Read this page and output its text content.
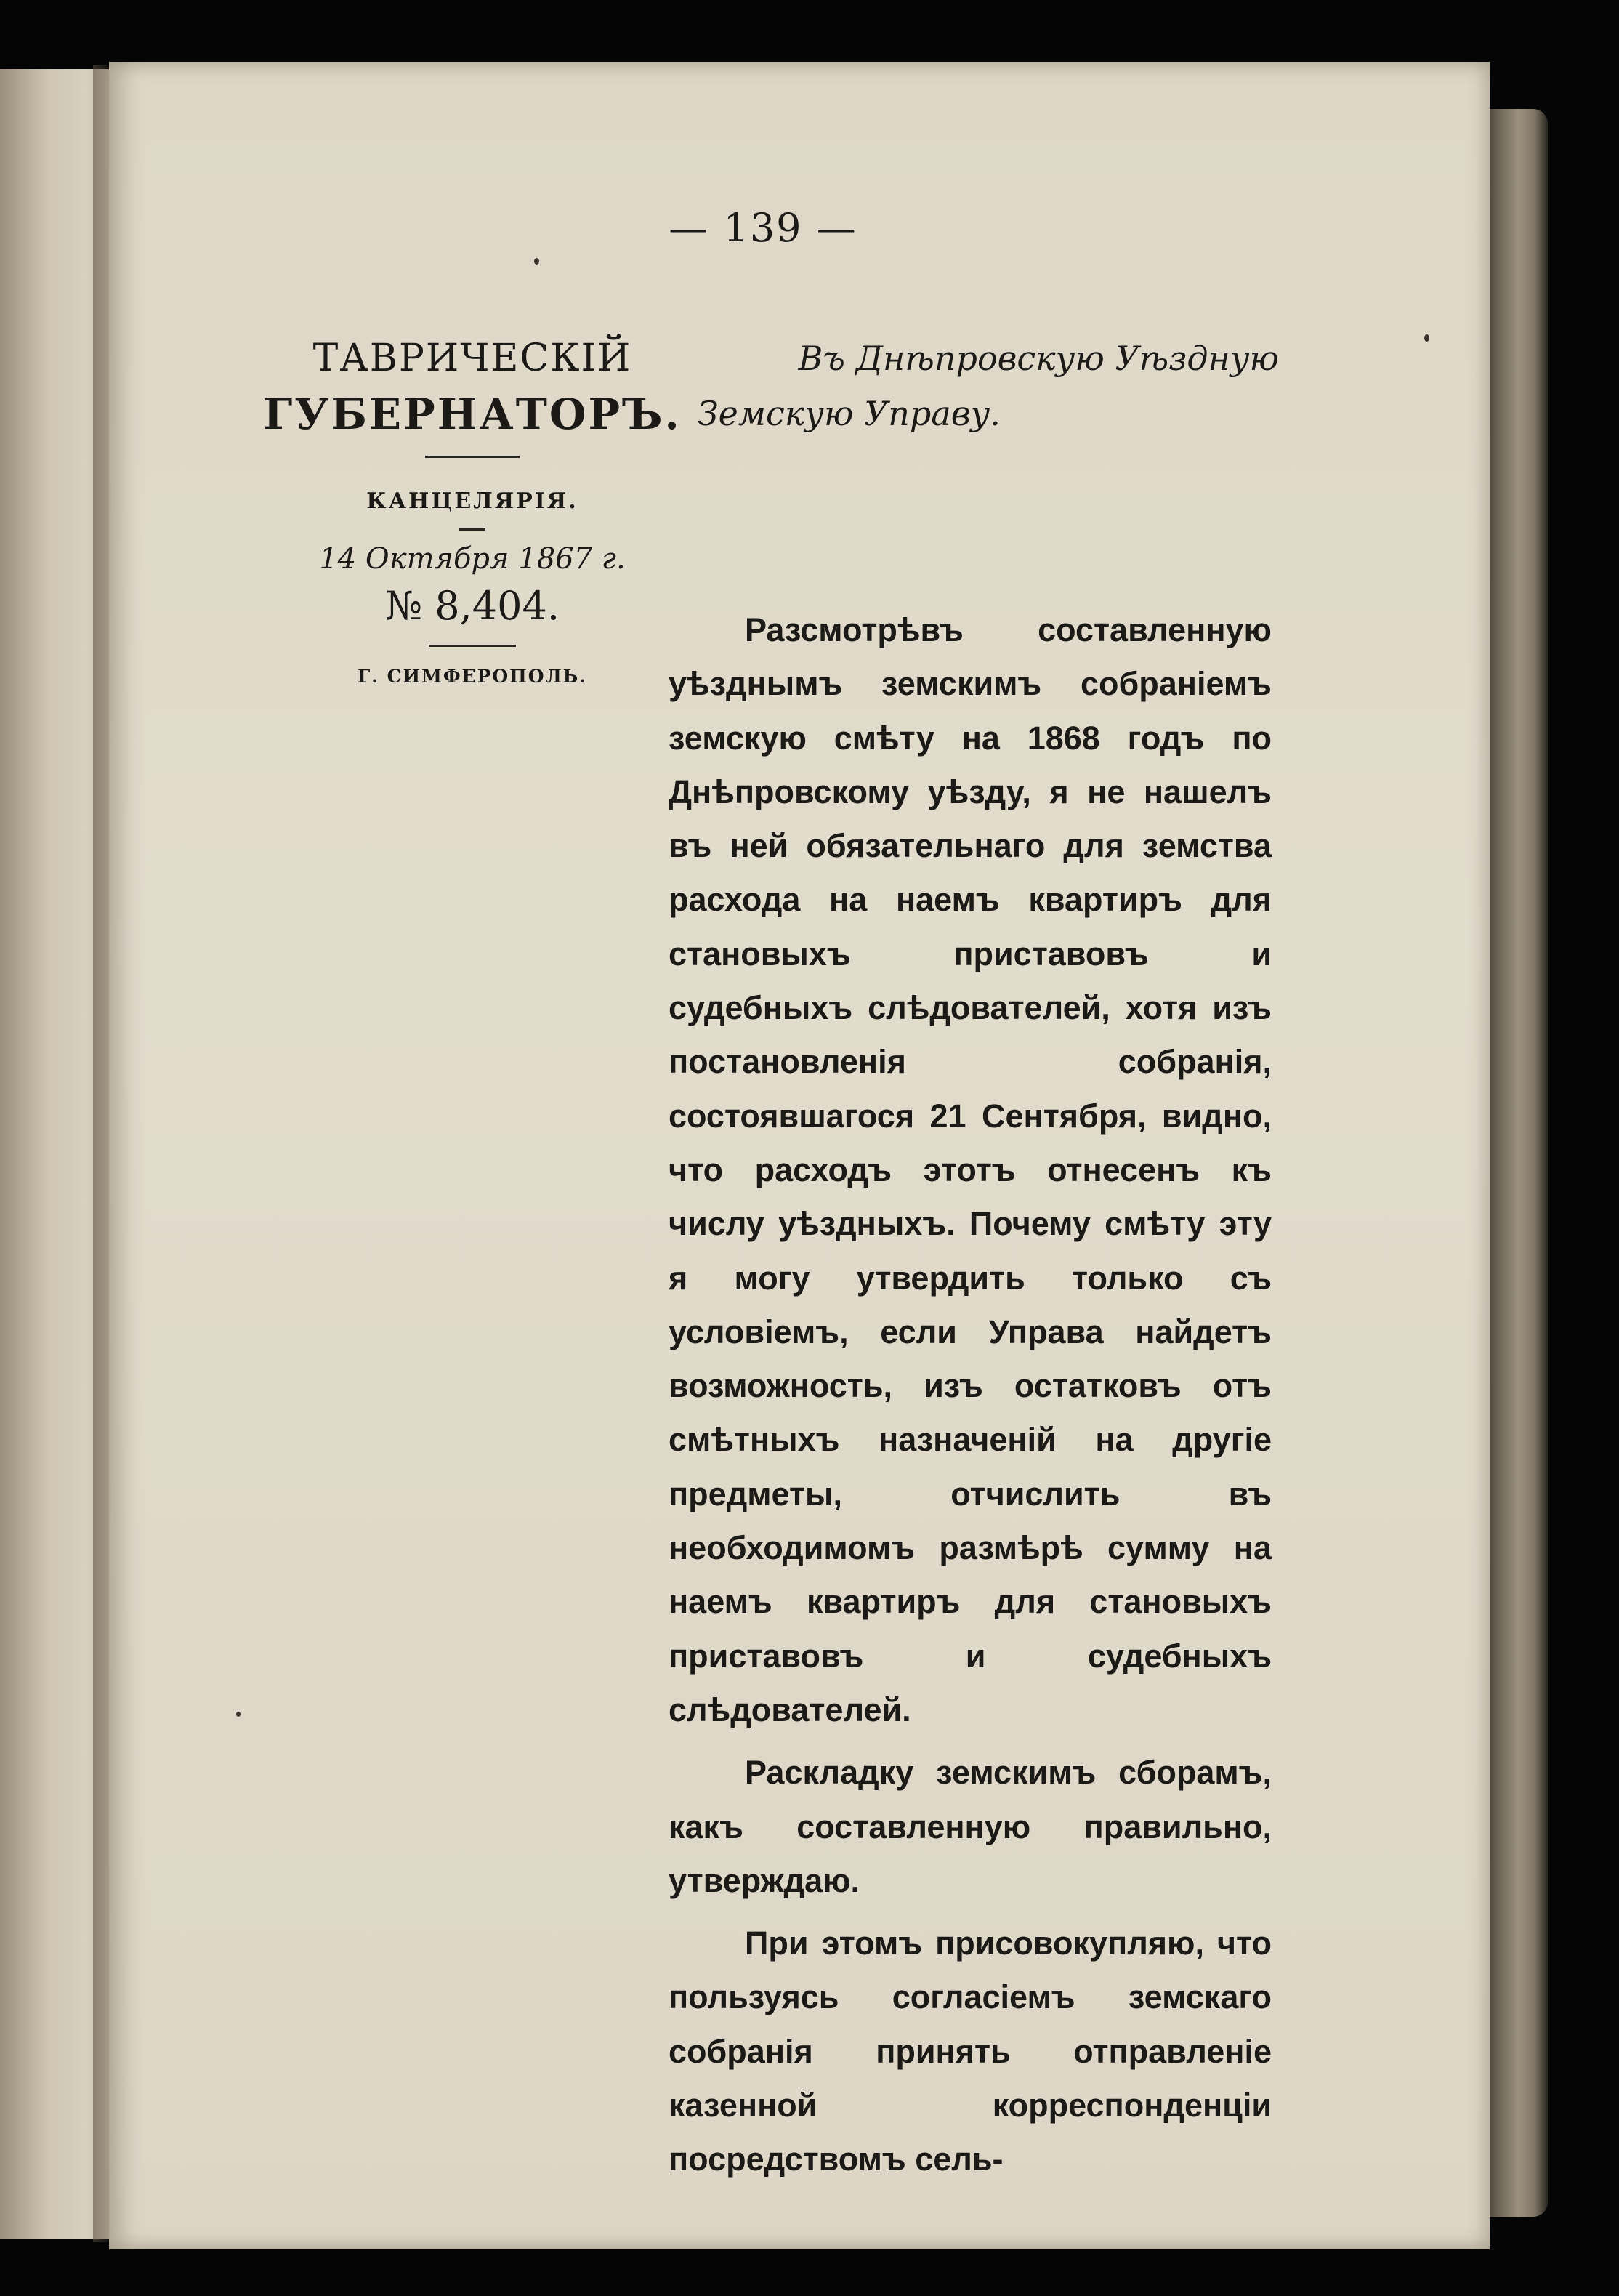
— 139 —
ТАВРИЧЕСКІЙ
ГУБЕРНАТОРЪ.
КАНЦЕЛЯРІЯ.
14 Октября 1867 г.
№ 8,404.
Г. СИМФЕРОПОЛЬ.
Въ Днѣпровскую Уѣздную
Земскую Управу.

Разсмотрѣвъ составленную уѣзднымъ земскимъ собраніемъ земскую смѣту на 1868 годъ по Днѣпровскому уѣзду, я не нашелъ въ ней обязательнаго для земства расхода на наемъ квартиръ для становыхъ приставовъ и судебныхъ слѣдователей, хотя изъ постановленія собранія, состоявшагося 21 Сентября, видно, что расходъ этотъ отнесенъ къ числу уѣздныхъ. Почему смѣту эту я могу утвердить только съ условіемъ, если Управа найдетъ возможность, изъ остатковъ отъ смѣтныхъ назначеній на другіе предметы, отчислить въ необходимомъ размѣрѣ сумму на наемъ квартиръ для становыхъ приставовъ и судебныхъ слѣдователей.

Раскладку земскимъ сборамъ, какъ составленную правильно, утверждаю.

При этомъ присовокупляю, что пользуясь согласіемъ земскаго собранія принять отправленіе казенной корреспонденціи посредствомъ сель-
